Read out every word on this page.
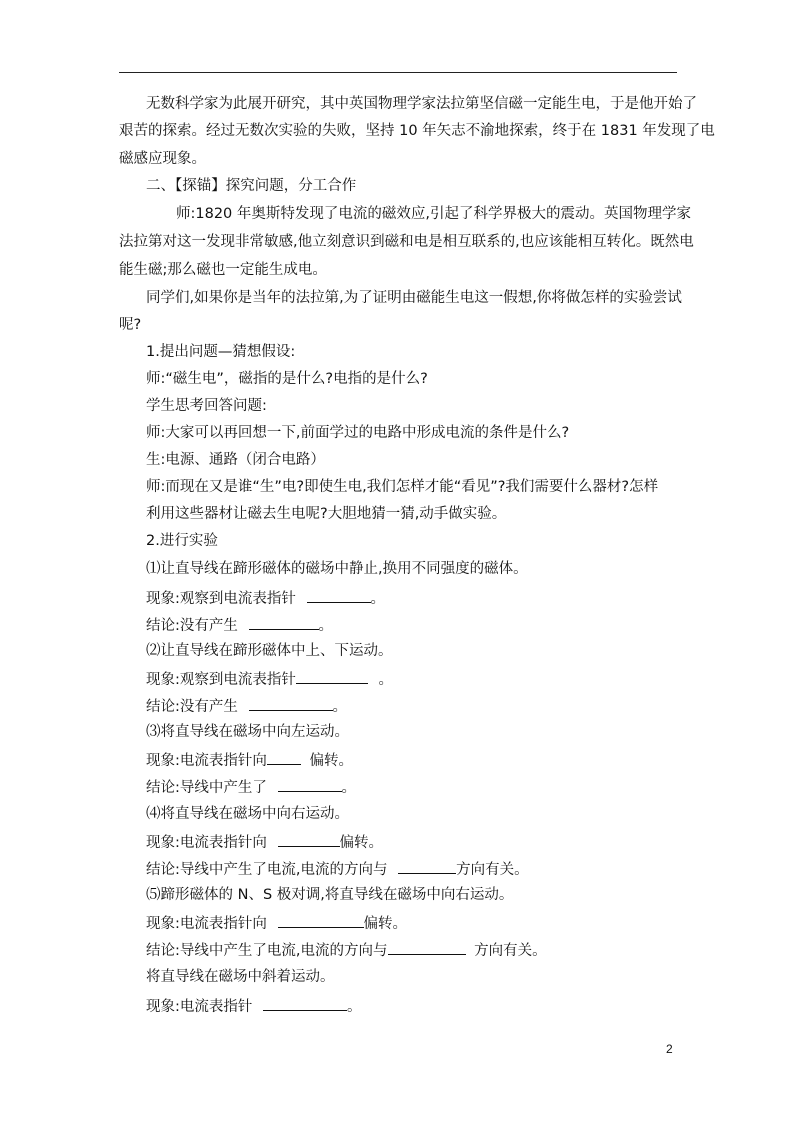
无数科学家为此展开研究，其中英国物理学家法拉第坚信磁一定能生电，于是他开始了
艰苦的探索。经过无数次实验的失败，坚持 10 年矢志不渝地探索，终于在 1831 年发现了电
磁感应现象。
二、【探锚】探究问题，分工合作
师:1820 年奥斯特发现了电流的磁效应,引起了科学界极大的震动。英国物理学家
法拉第对这一发现非常敏感,他立刻意识到磁和电是相互联系的,也应该能相互转化。既然电
能生磁;那么磁也一定能生成电。
同学们,如果你是当年的法拉第,为了证明由磁能生电这一假想,你将做怎样的实验尝试
呢?
1.提出问题—猜想假设:
师:“磁生电”，磁指的是什么?电指的是什么?
学生思考回答问题:
师:大家可以再回想一下,前面学过的电路中形成电流的条件是什么?
生:电源、通路（闭合电路）
师:而现在又是谁“生”电?即使生电,我们怎样才能“看见”?我们需要什么器材?怎样
利用这些器材让磁去生电呢?大胆地猜一猜,动手做实验。
2.进行实验
⑴让直导线在蹄形磁体的磁场中静止,换用不同强度的磁体。
现象:观察到电流表指针	。
结论:没有产生	。
⑵让直导线在蹄形磁体中上、下运动。
现象:观察到电流表指针	。
结论:没有产生	。
⑶将直导线在磁场中向左运动。
现象:电流表指针向	偏转。
结论:导线中产生了	。
⑷将直导线在磁场中向右运动。
现象:电流表指针向	偏转。
结论:导线中产生了电流,电流的方向与	方向有关。
⑸蹄形磁体的 N、S 极对调,将直导线在磁场中向右运动。
现象:电流表指针向	偏转。
结论:导线中产生了电流,电流的方向与	方向有关。
将直导线在磁场中斜着运动。
现象:电流表指针	。
2
